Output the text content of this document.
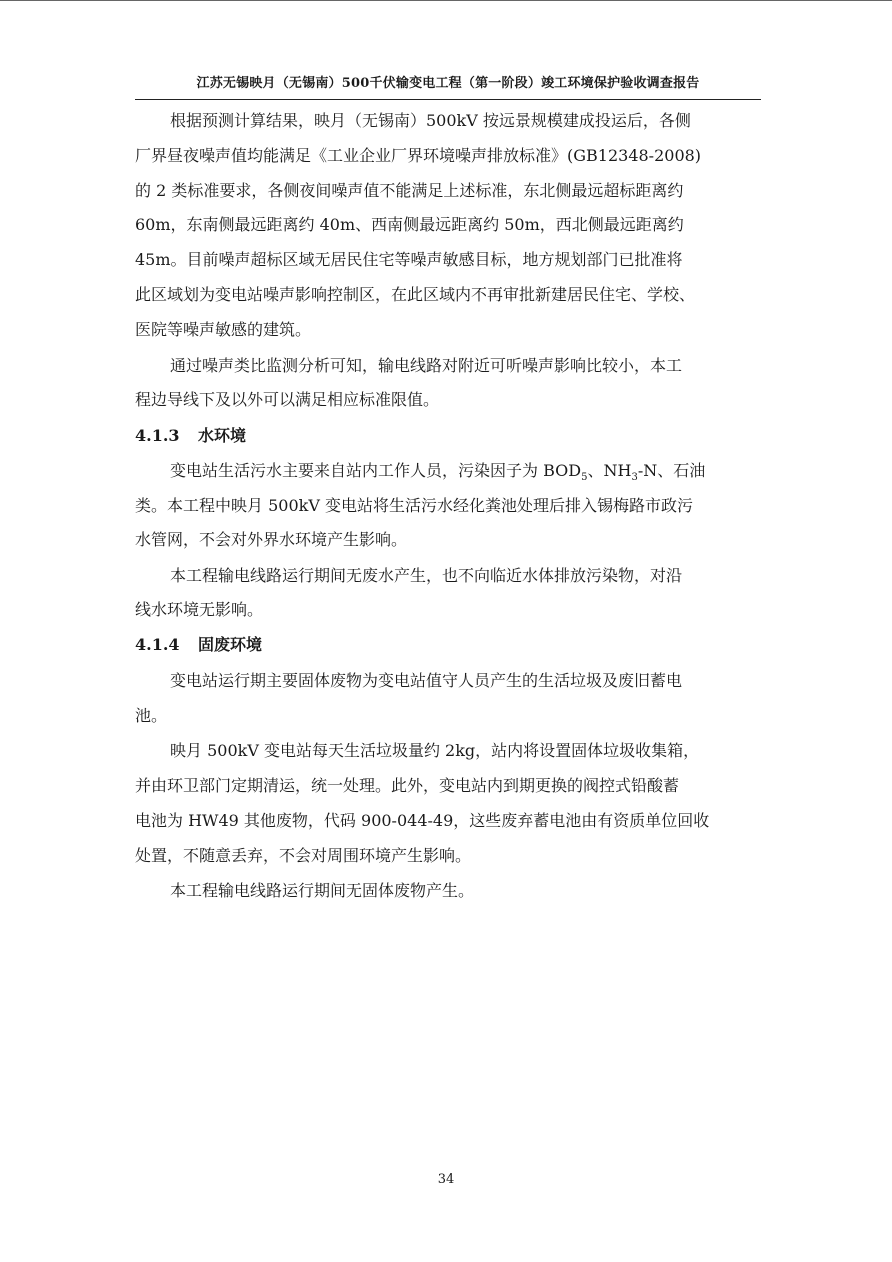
江苏无锡映月（无锡南）500千伏输变电工程（第一阶段）竣工环境保护验收调查报告
根据预测计算结果，映月（无锡南）500kV 按远景规模建成投运后，各侧
厂界昼夜噪声值均能满足《工业企业厂界环境噪声排放标准》(GB12348-2008)
的 2 类标准要求，各侧夜间噪声值不能满足上述标准，东北侧最远超标距离约
60m，东南侧最远距离约 40m、西南侧最远距离约 50m，西北侧最远距离约
45m。目前噪声超标区域无居民住宅等噪声敏感目标，地方规划部门已批准将
此区域划为变电站噪声影响控制区，在此区域内不再审批新建居民住宅、学校、
医院等噪声敏感的建筑。
通过噪声类比监测分析可知，输电线路对附近可听噪声影响比较小，本工
程边导线下及以外可以满足相应标准限值。
4.1.3 水环境
变电站生活污水主要来自站内工作人员，污染因子为 $BOD_5$、$NH_3-N$、石油
类。本工程中映月 500kV 变电站将生活污水经化粪池处理后排入锡梅路市政污
水管网，不会对外界水环境产生影响。
本工程输电线路运行期间无废水产生，也不向临近水体排放污染物，对沿
线水环境无影响。
4.1.4 固废环境
变电站运行期主要固体废物为变电站值守人员产生的生活垃圾及废旧蓄电
池。
映月 500kV 变电站每天生活垃圾量约 2kg，站内将设置固体垃圾收集箱，
并由环卫部门定期清运，统一处理。此外，变电站内到期更换的阀控式铅酸蓄
电池为 HW49 其他废物，代码 900-044-49，这些废弃蓄电池由有资质单位回收
处置，不随意丢弃，不会对周围环境产生影响。
本工程输电线路运行期间无固体废物产生。
34
